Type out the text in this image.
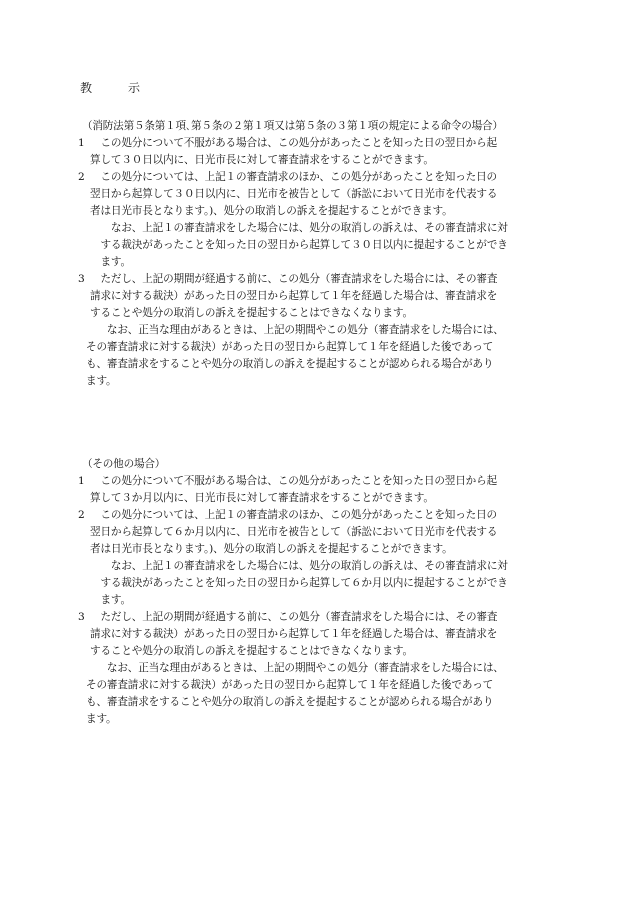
教　示
（消防法第５条第１項､第５条の２第１項又は第５条の３第１項の規定による命令の場合）
1 　この処分について不服がある場合は、この処分があったことを知った日の翌日から起
算して３０日以内に、日光市長に対して審査請求をすることができます。
2 　この処分については、上記１の審査請求のほか、この処分があったことを知った日の
翌日から起算して３０日以内に、日光市を被告として（訴訟において日光市を代表する
者は日光市長となります。)、処分の取消しの訴えを提起することができます。
　　なお、上記１の審査請求をした場合には、処分の取消しの訴えは、その審査請求に対
　する裁決があったことを知った日の翌日から起算して３０日以内に提起することができ
　ます。
3 　ただし、上記の期間が経過する前に、この処分（審査請求をした場合には、その審査
請求に対する裁決）があった日の翌日から起算して１年を経過した場合は、審査請求を
することや処分の取消しの訴えを提起することはできなくなります。
　　なお、正当な理由があるときは、上記の期間やこの処分（審査請求をした場合には、
その審査請求に対する裁決）があった日の翌日から起算して１年を経過した後であって
も、審査請求をすることや処分の取消しの訴えを提起することが認められる場合があり
ます。
（その他の場合）
1 　この処分について不服がある場合は、この処分があったことを知った日の翌日から起
算して３か月以内に、日光市長に対して審査請求をすることができます。
2 　この処分については、上記１の審査請求のほか、この処分があったことを知った日の
翌日から起算して６か月以内に、日光市を被告として（訴訟において日光市を代表する
者は日光市長となります。)、処分の取消しの訴えを提起することができます。
　　なお、上記１の審査請求をした場合には、処分の取消しの訴えは、その審査請求に対
　する裁決があったことを知った日の翌日から起算して６か月以内に提起することができ
　ます。
3 　ただし、上記の期間が経過する前に、この処分（審査請求をした場合には、その審査
請求に対する裁決）があった日の翌日から起算して１年を経過した場合は、審査請求を
することや処分の取消しの訴えを提起することはできなくなります。
　　なお、正当な理由があるときは、上記の期間やこの処分（審査請求をした場合には、
その審査請求に対する裁決）があった日の翌日から起算して１年を経過した後であって
も、審査請求をすることや処分の取消しの訴えを提起することが認められる場合があり
ます。
